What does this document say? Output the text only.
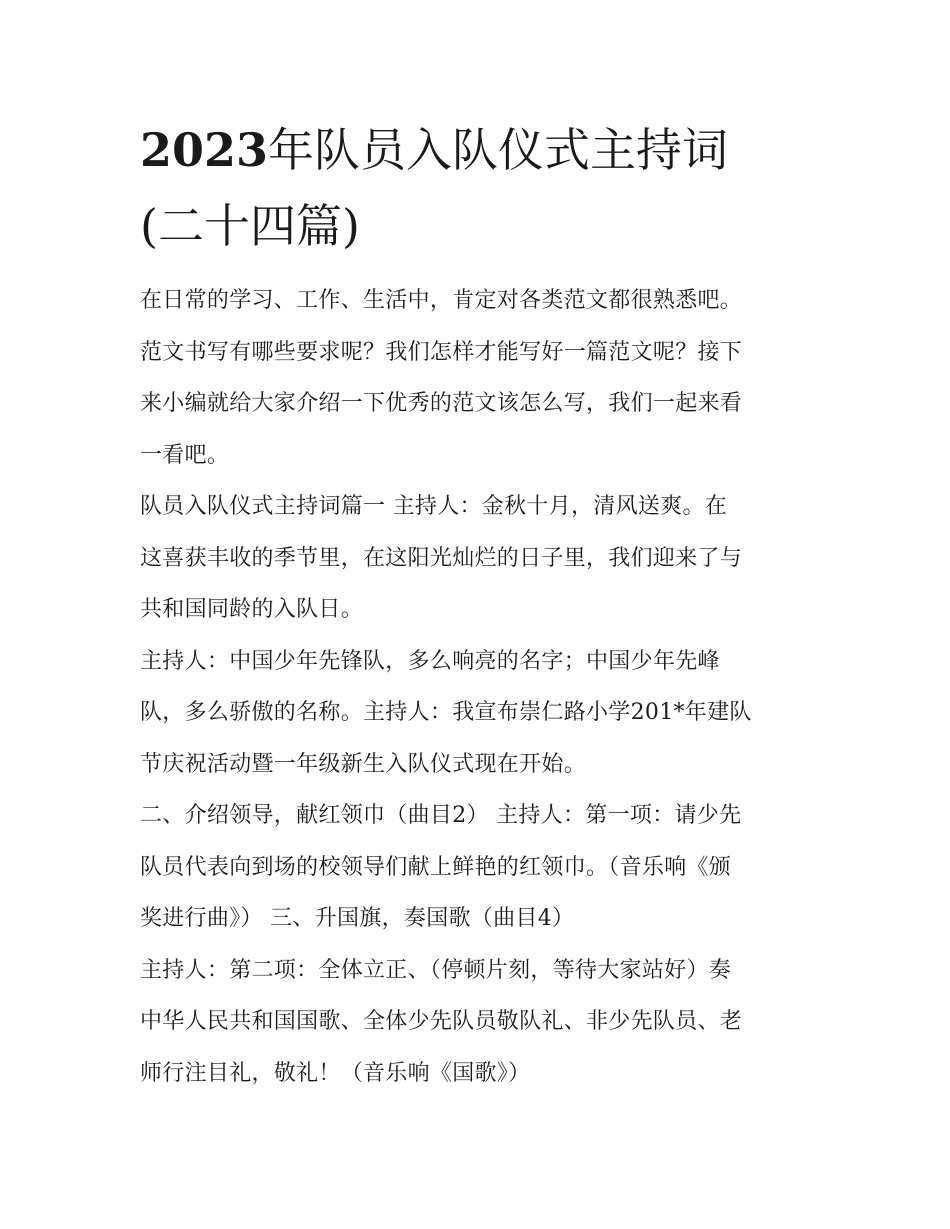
2023年队员入队仪式主持词
(二十四篇)
在日常的学习、工作、生活中，肯定对各类范文都很熟悉吧。
范文书写有哪些要求呢？我们怎样才能写好一篇范文呢？接下
来小编就给大家介绍一下优秀的范文该怎么写，我们一起来看
一看吧。
队员入队仪式主持词篇一 主持人：金秋十月，清风送爽。在
这喜获丰收的季节里，在这阳光灿烂的日子里，我们迎来了与
共和国同龄的入队日。
主持人：中国少年先锋队，多么响亮的名字；中国少年先峰
队，多么骄傲的名称。主持人：我宣布崇仁路小学201*年建队
节庆祝活动暨一年级新生入队仪式现在开始。
二、介绍领导，献红领巾（曲目2） 主持人：第一项：请少先
队员代表向到场的校领导们献上鲜艳的红领巾。（音乐响《颁
奖进行曲》） 三、升国旗，奏国歌（曲目4）
主持人：第二项：全体立正、（停顿片刻，等待大家站好）奏
中华人民共和国国歌、全体少先队员敬队礼、非少先队员、老
师行注目礼，敬礼！（音乐响《国歌》）
